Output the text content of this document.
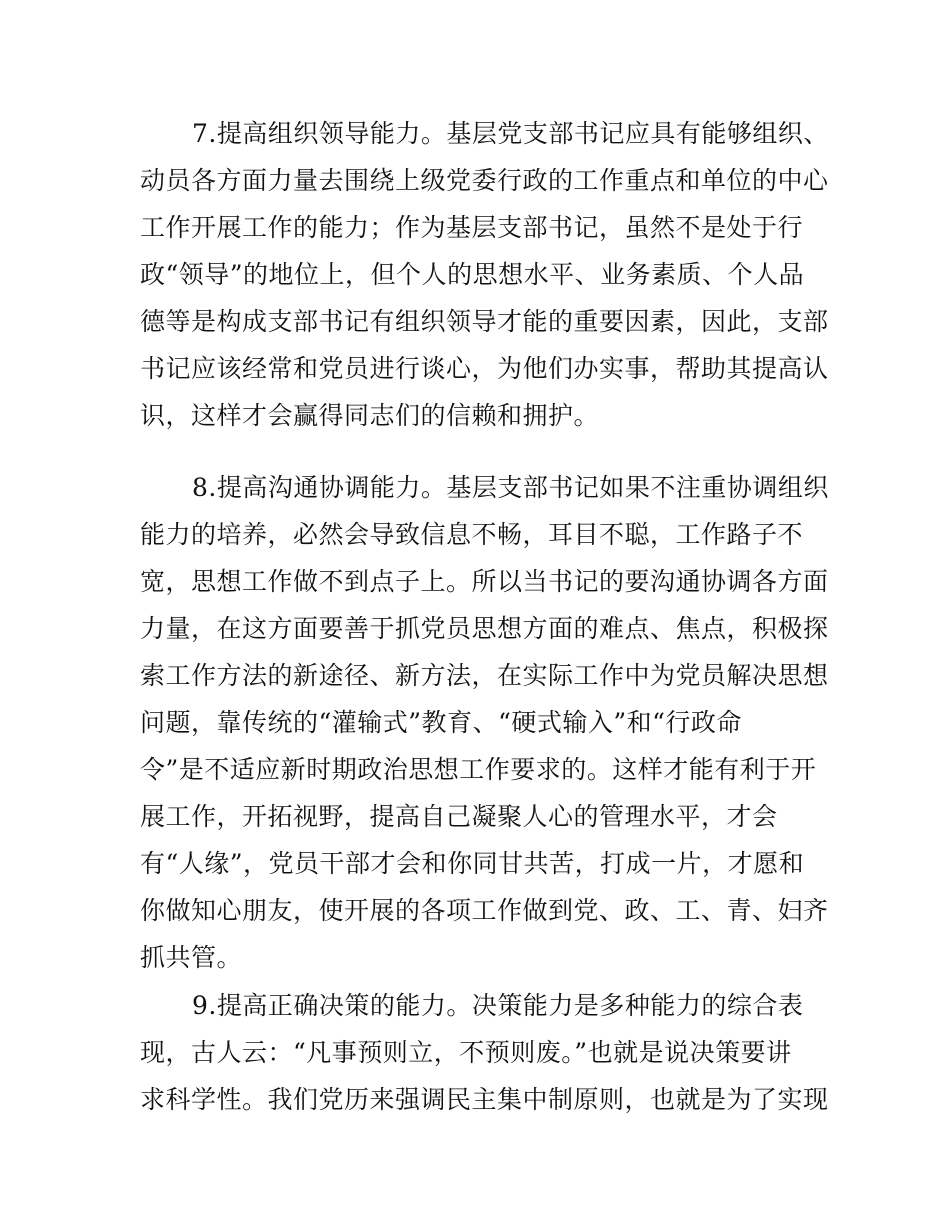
7.提高组织领导能力。基层党支部书记应具有能够组织、
动员各方面力量去围绕上级党委行政的工作重点和单位的中心
工作开展工作的能力；作为基层支部书记，虽然不是处于行
政“领导”的地位上，但个人的思想水平、业务素质、个人品
德等是构成支部书记有组织领导才能的重要因素，因此，支部
书记应该经常和党员进行谈心，为他们办实事，帮助其提高认
识，这样才会赢得同志们的信赖和拥护。
8.提高沟通协调能力。基层支部书记如果不注重协调组织
能力的培养，必然会导致信息不畅，耳目不聪，工作路子不
宽，思想工作做不到点子上。所以当书记的要沟通协调各方面
力量，在这方面要善于抓党员思想方面的难点、焦点，积极探
索工作方法的新途径、新方法，在实际工作中为党员解决思想
问题，靠传统的“灌输式”教育、“硬式输入”和“行政命
令”是不适应新时期政治思想工作要求的。这样才能有利于开
展工作，开拓视野，提高自己凝聚人心的管理水平，才会
有“人缘”，党员干部才会和你同甘共苦，打成一片，才愿和
你做知心朋友，使开展的各项工作做到党、政、工、青、妇齐
抓共管。
9.提高正确决策的能力。决策能力是多种能力的综合表
现，古人云：“凡事预则立，不预则废。”也就是说决策要讲
求科学性。我们党历来强调民主集中制原则，也就是为了实现
